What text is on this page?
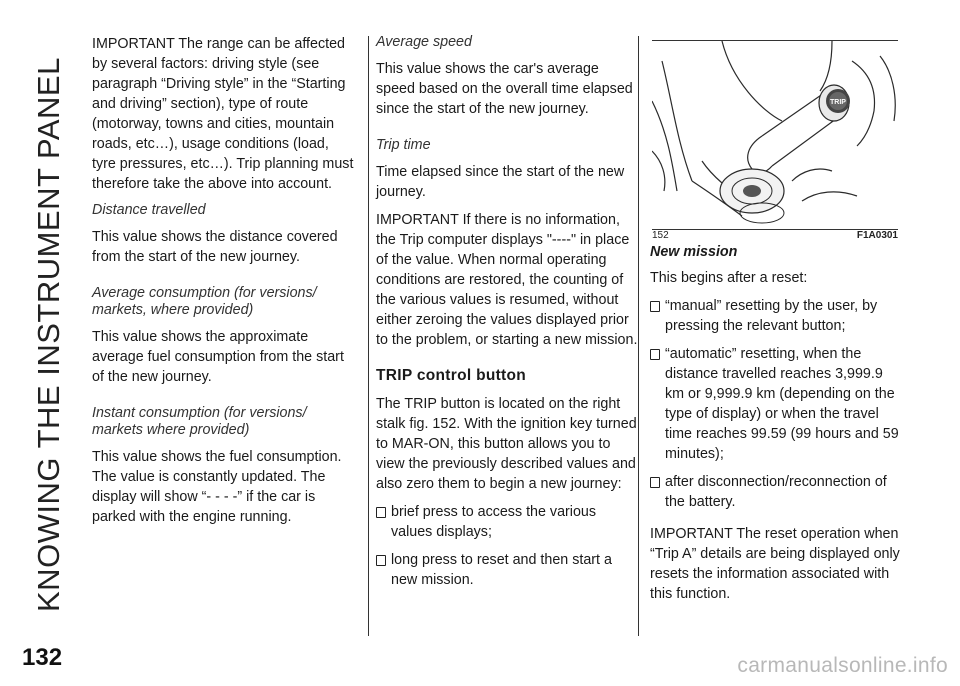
KNOWING THE INSTRUMENT PANEL
132

IMPORTANT The range can be affected by several factors: driving style (see paragraph “Driving style” in the “Starting and driving” section), type of route (motorway, towns and cities, mountain roads, etc…), usage conditions (load, tyre pressures, etc…). Trip planning must therefore take the above into account.

Distance travelled

This value shows the distance covered from the start of the new journey.

Average consumption (for versions/ markets, where provided)

This value shows the approximate average fuel consumption from the start of the new journey.

Instant consumption (for versions/ markets where provided)

This value shows the fuel consumption. The value is constantly updated. The display will show “- - - -” if the car is parked with the engine running.

Average speed

This value shows the car's average speed based on the overall time elapsed since the start of the new journey.

Trip time

Time elapsed since the start of the new journey.

IMPORTANT If there is no information, the Trip computer displays "----" in place of the value. When normal operating conditions are restored, the counting of the various values is resumed, without either zeroing the values displayed prior to the problem, or starting a new mission.

TRIP control button

The TRIP button is located on the right stalk fig. 152. With the ignition key turned to MAR-ON, this button allows you to view the previously described values and also zero them to begin a new journey:

brief press to access the various values displays;
long press to reset and then start a new mission.
TRIP
152	F1A0301
New mission

This begins after a reset:

“manual” resetting by the user, by pressing the relevant button;
“automatic” resetting, when the distance travelled reaches 3,999.9 km or 9,999.9 km (depending on the type of display) or when the travel time reaches 99.59 (99 hours and 59 minutes);
after disconnection/reconnection of the battery.

IMPORTANT The reset operation when “Trip A” details are being displayed only resets the information associated with this function.

carmanualsonline.info
